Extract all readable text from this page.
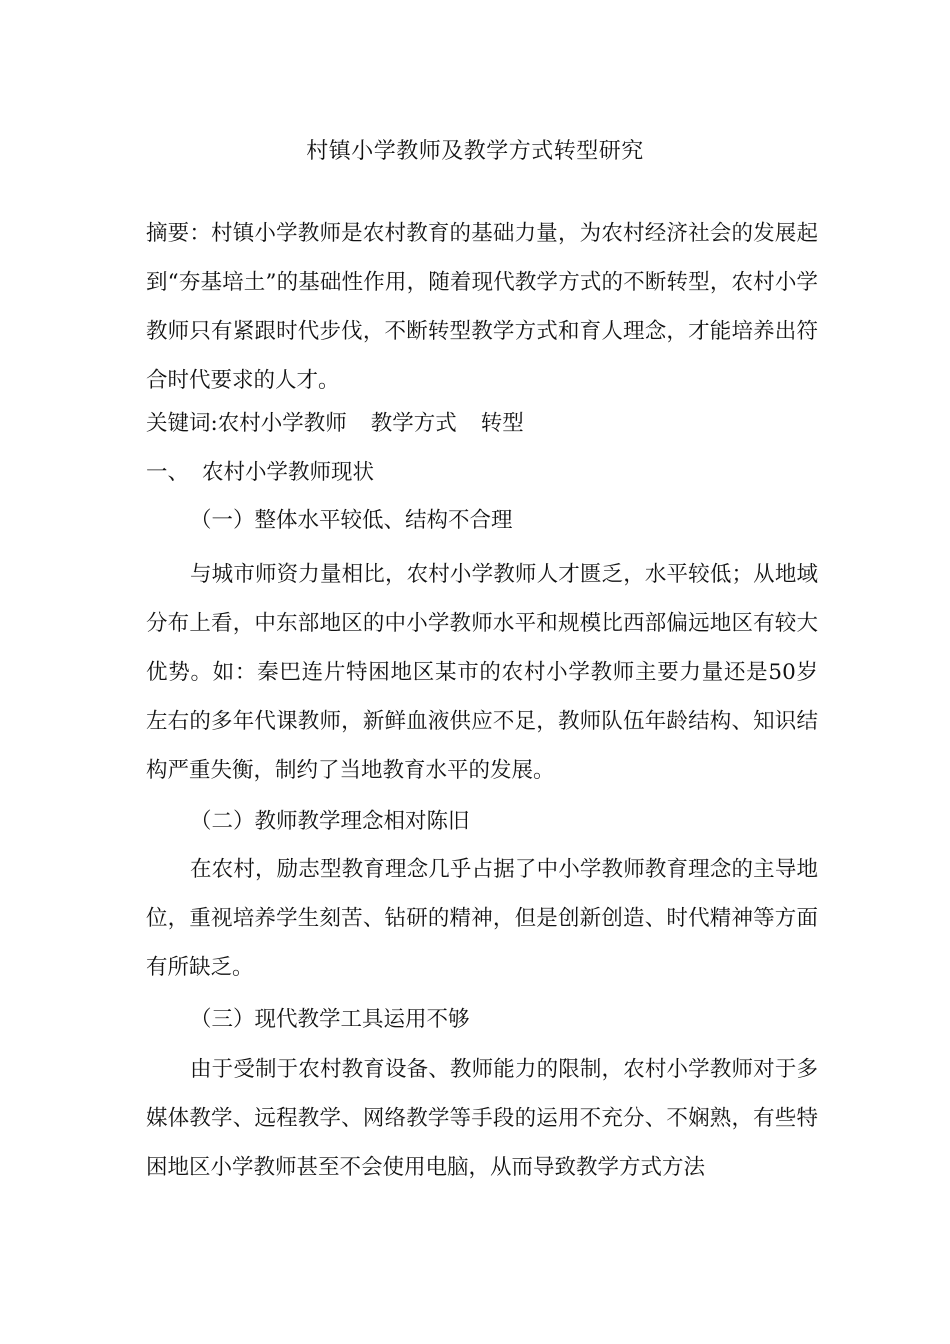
村镇小学教师及教学方式转型研究
摘要：村镇小学教师是农村教育的基础力量，为农村经济社会的发展起到“夯基培土”的基础性作用，随着现代教学方式的不断转型，农村小学教师只有紧跟时代步伐，不断转型教学方式和育人理念，才能培养出符合时代要求的人才。
关键词:农村小学教师 教学方式 转型
一、 农村小学教师现状
（一）整体水平较低、结构不合理
与城市师资力量相比，农村小学教师人才匮乏，水平较低；从地域分布上看，中东部地区的中小学教师水平和规模比西部偏远地区有较大优势。如：秦巴连片特困地区某市的农村小学教师主要力量还是50岁左右的多年代课教师，新鲜血液供应不足，教师队伍年龄结构、知识结构严重失衡，制约了当地教育水平的发展。
（二）教师教学理念相对陈旧
在农村，励志型教育理念几乎占据了中小学教师教育理念的主导地位，重视培养学生刻苦、钻研的精神，但是创新创造、时代精神等方面有所缺乏。
（三）现代教学工具运用不够
由于受制于农村教育设备、教师能力的限制，农村小学教师对于多媒体教学、远程教学、网络教学等手段的运用不充分、不娴熟，有些特困地区小学教师甚至不会使用电脑，从而导致教学方式方法
